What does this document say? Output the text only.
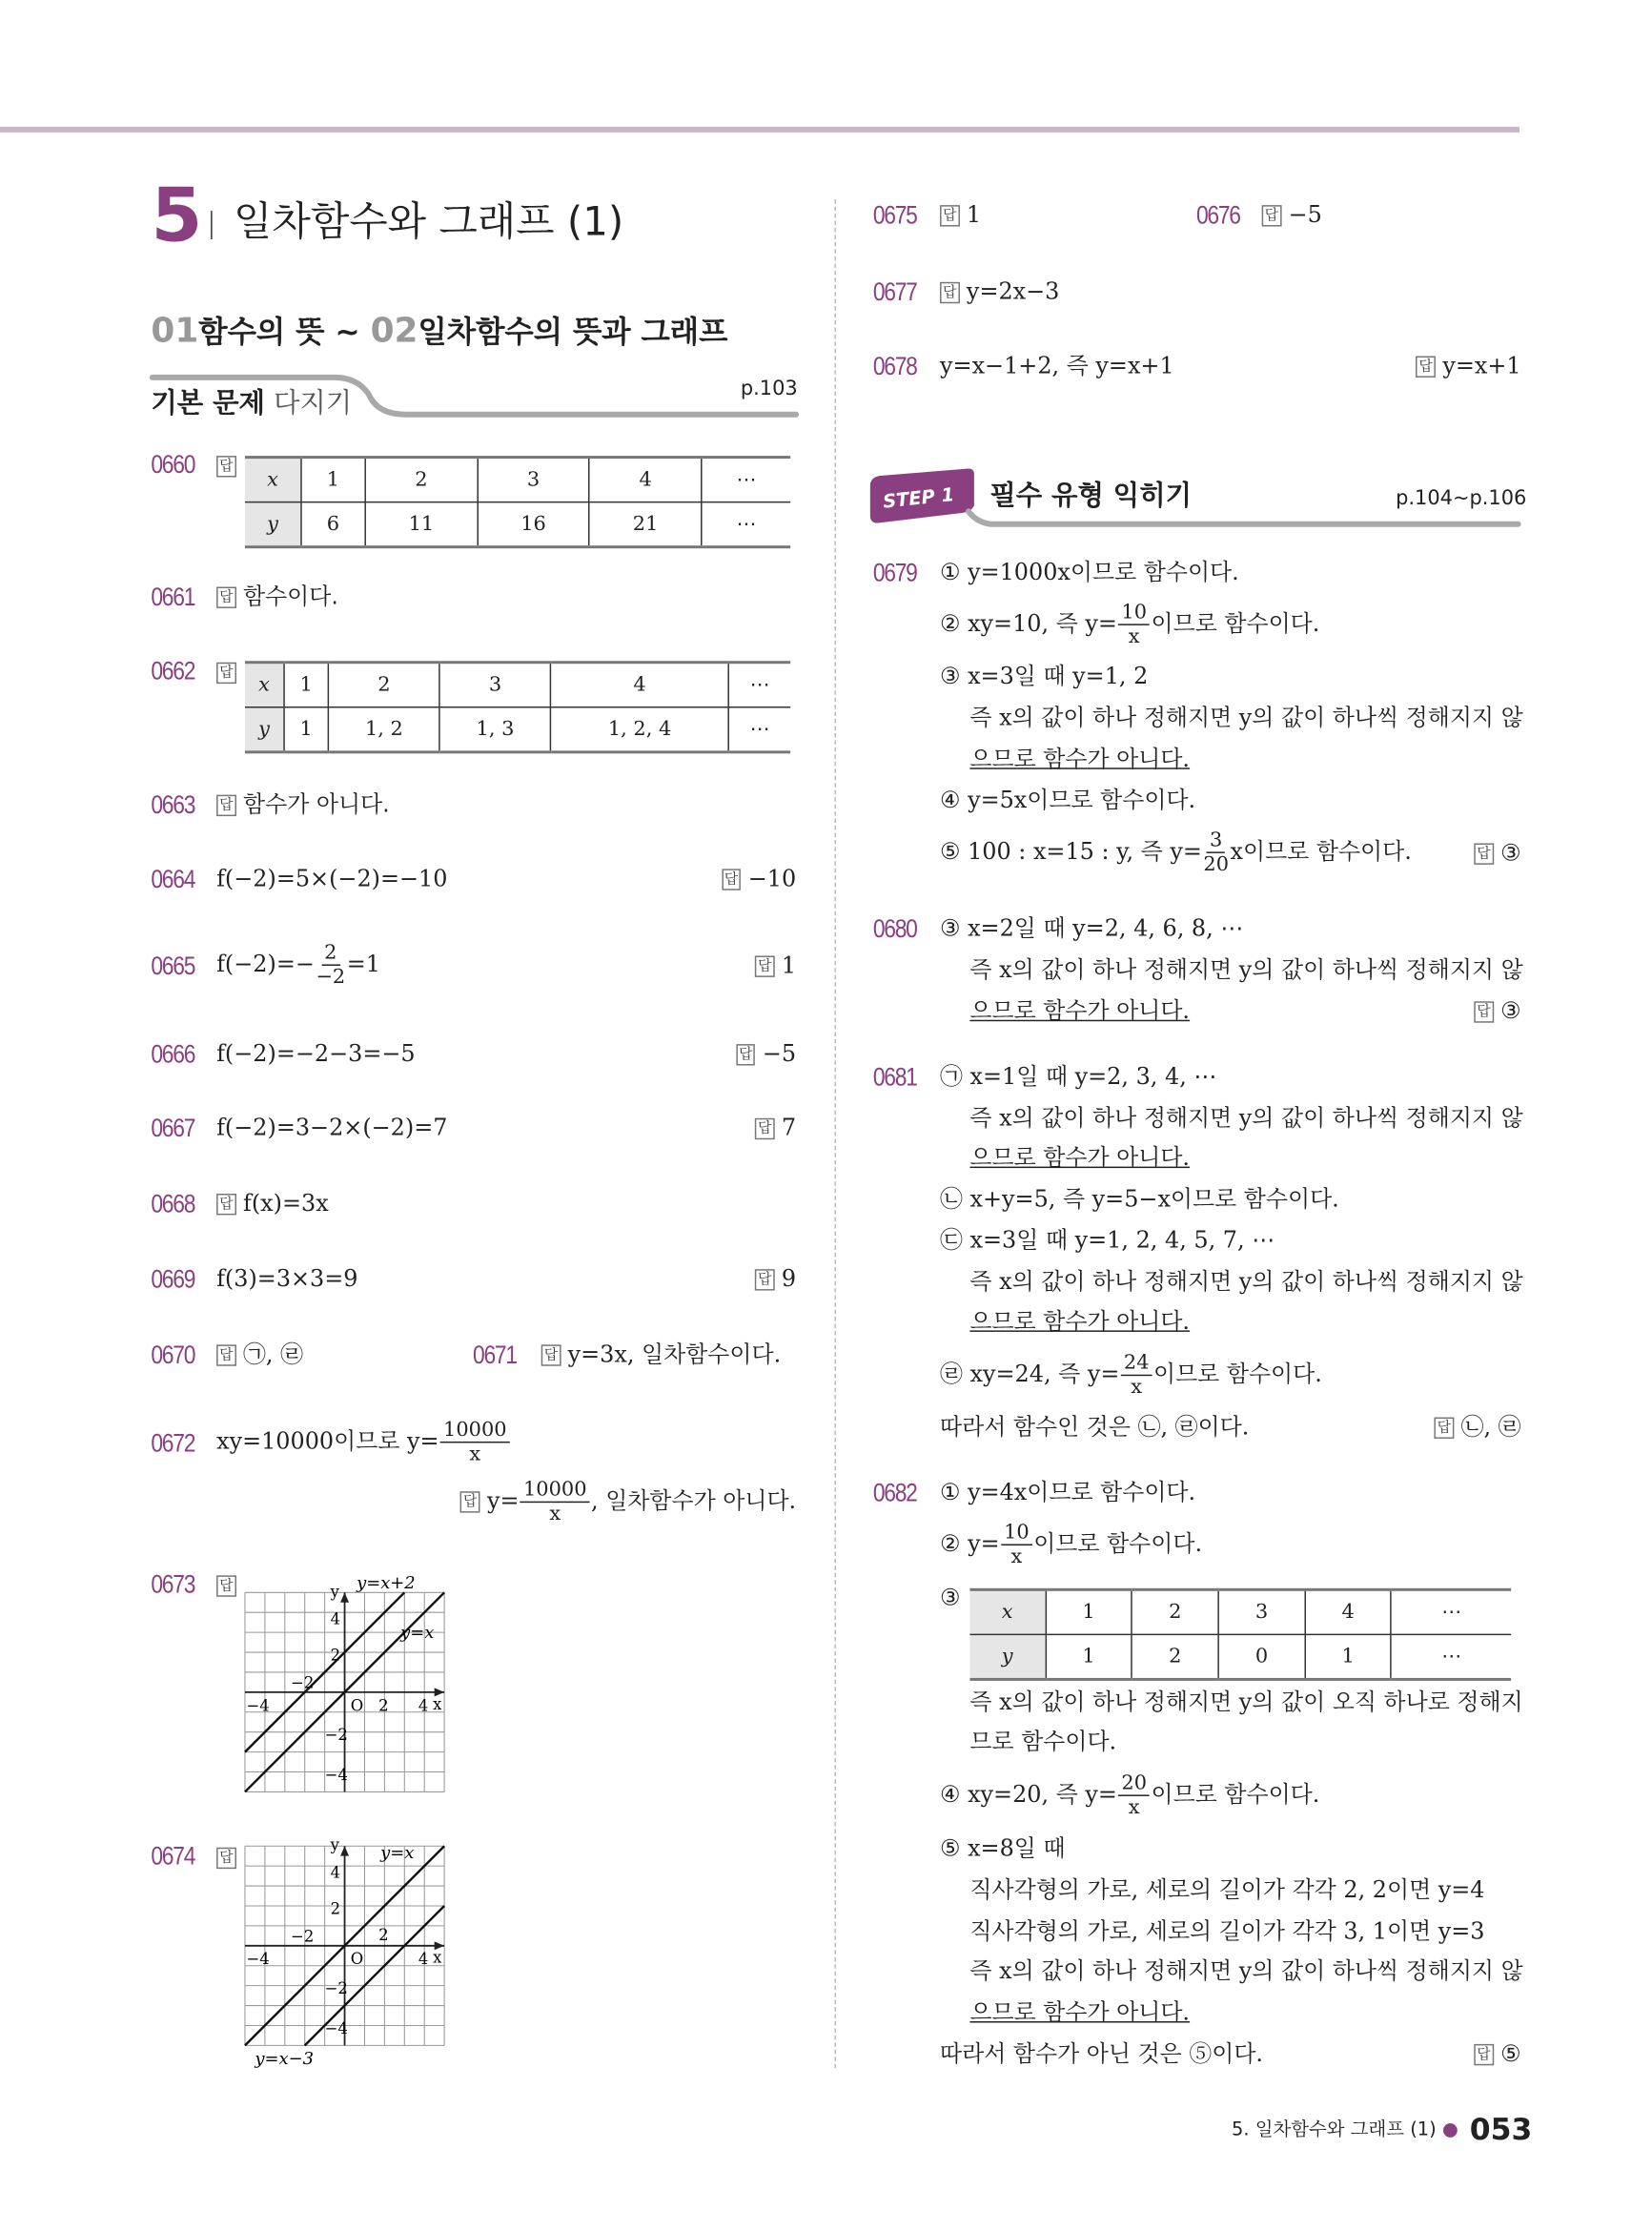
5 일차함수와 그래프 (1)
01함수의 뜻 ~ 02일차함수의 뜻과 그래프
기본 문제 다지기	p.103
0660	답
x	1	2	3	4	⋯
y	6	11	16	21	⋯
0661	답 함수이다.
0662	답
x	1	2	3	4	⋯
y	1	1, 2	1, 3	1, 2, 4	⋯
0663	답 함수가 아니다.
0664 f(−2)=5×(−2)=−10	답 −10
0665 $f(-2)=- \frac{2}{-2} =1$	답 1
0666 f(−2)=−2−3=−5	답 −5
0667 f(−2)=3−2×(−2)=7	답 7
0668	답 f(x)=3x
0669 f(3)=3×3=9	답 9
0670	답 ㉠, ㉣	0671	답 y=3x, 일차함수이다.
0672 xy=10000이므로 $y= \frac{10000}{x}$
답 $y= \frac{10000}{x}$ , 일차함수가 아니다.
0673	답	y=x+2
y=x
−4
−2
2	4
4
2
−2
−4
O	x
y
0674	답	y=x
y=x−3
−4
−2	2
4
4
2
−2
−4
O	x
y
0675	답 1	0676	답 −5
0677	답 y=2x−3
0678 y=x−1+2, 즉 y=x+1	답 y=x+1
STEP 1 필수 유형 익히기	p.104~p.106
0679 ① y=1000x이므로 함수이다.
② xy=10, 즉 $y= \frac{10}{x}$ 이므로 함수이다.
③ x=3일 때 y=1, 2
즉 x의 값이 하나 정해지면 y의 값이 하나씩 정해지지 않
으므로 함수가 아니다.
④ y=5x이므로 함수이다.
⑤ 100 : x=15 : y, 즉 $y= \frac{3}{20}$ x이므로 함수이다.	답 ③
0680 ③ x=2일 때 y=2, 4, 6, 8, ⋯
즉 x의 값이 하나 정해지면 y의 값이 하나씩 정해지지 않
으므로 함수가 아니다.	답 ③
0681 ㉠ x=1일 때 y=2, 3, 4, ⋯
즉 x의 값이 하나 정해지면 y의 값이 하나씩 정해지지 않
으므로 함수가 아니다.
㉡ x+y=5, 즉 y=5−x이므로 함수이다.
㉢ x=3일 때 y=1, 2, 4, 5, 7, ⋯
즉 x의 값이 하나 정해지면 y의 값이 하나씩 정해지지 않
으므로 함수가 아니다.
㉣ xy=24, 즉 $y= \frac{24}{x}$ 이므로 함수이다.
따라서 함수인 것은 ㉡, ㉣이다.	답 ㉡, ㉣
0682 ① y=4x이므로 함수이다.
② $y= \frac{10}{x}$ 이므로 함수이다.
③
x	1	2	3	4	⋯
y	1	2	0	1	⋯
즉 x의 값이 하나 정해지면 y의 값이 오직 하나로 정해지
므로 함수이다.
④ xy=20, 즉 $y= \frac{20}{x}$ 이므로 함수이다.
⑤ x=8일 때
직사각형의 가로, 세로의 길이가 각각 2, 2이면 y=4
직사각형의 가로, 세로의 길이가 각각 3, 1이면 y=3
즉 x의 값이 하나 정해지면 y의 값이 하나씩 정해지지 않
으므로 함수가 아니다.
따라서 함수가 아닌 것은 ⑤이다.	답 ⑤
5. 일차함수와 그래프 (1) ● 053
